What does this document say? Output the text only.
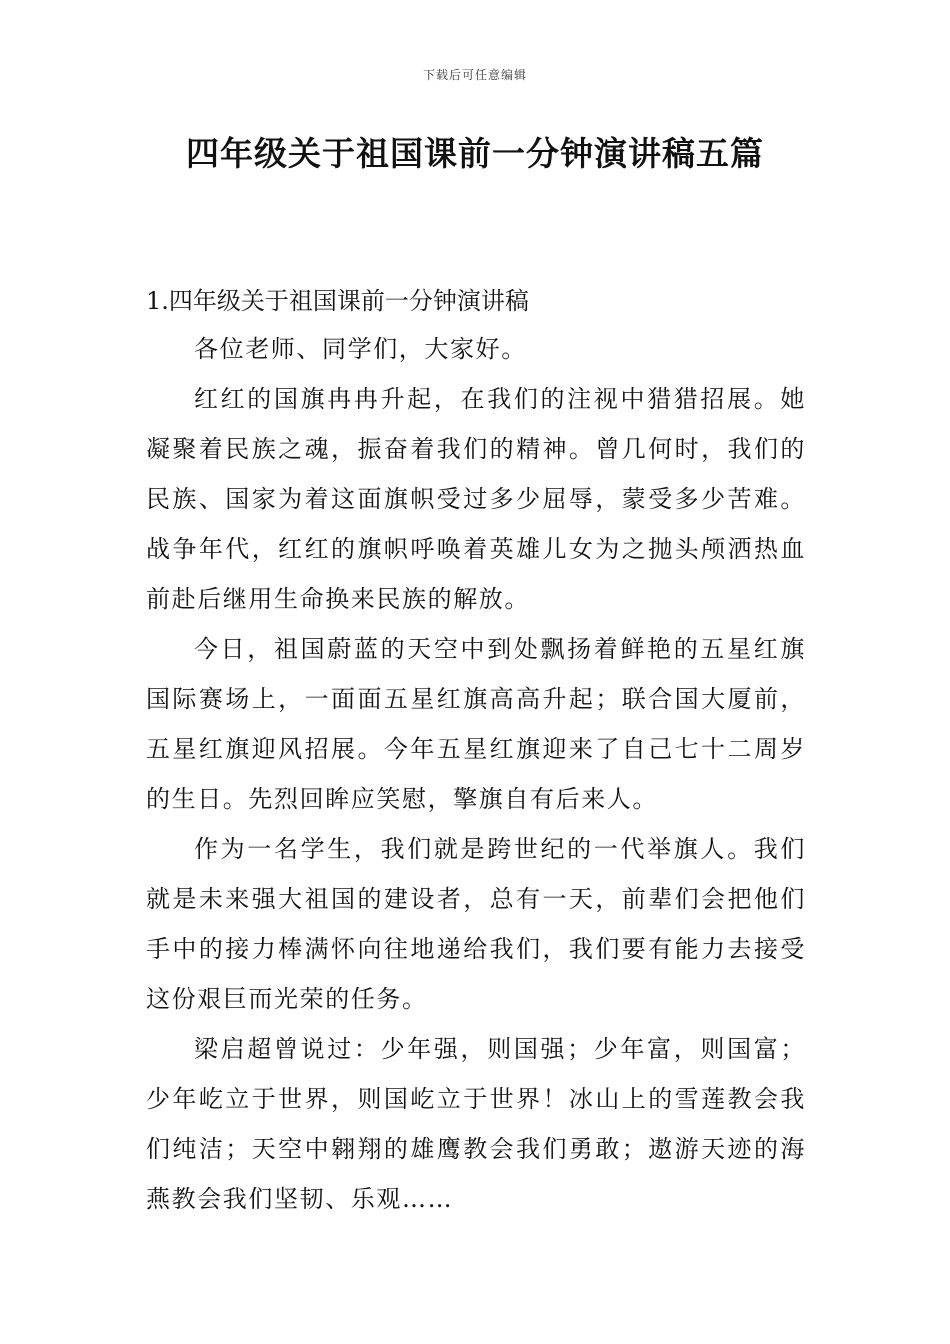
下载后可任意编辑
四年级关于祖国课前一分钟演讲稿五篇
1.四年级关于祖国课前一分钟演讲稿

各位老师、同学们，大家好。

红红的国旗冉冉升起，在我们的注视中猎猎招展。她凝聚着民族之魂，振奋着我们的精神。曾几何时，我们的民族、国家为着这面旗帜受过多少屈辱，蒙受多少苦难。战争年代，红红的旗帜呼唤着英雄儿女为之抛头颅洒热血前赴后继用生命换来民族的解放。

今日，祖国蔚蓝的天空中到处飘扬着鲜艳的五星红旗国际赛场上，一面面五星红旗高高升起；联合国大厦前，五星红旗迎风招展。今年五星红旗迎来了自己七十二周岁的生日。先烈回眸应笑慰，擎旗自有后来人。

作为一名学生，我们就是跨世纪的一代举旗人。我们就是未来强大祖国的建设者，总有一天，前辈们会把他们手中的接力棒满怀向往地递给我们，我们要有能力去接受这份艰巨而光荣的任务。

梁启超曾说过：少年强，则国强；少年富，则国富；少年屹立于世界，则国屹立于世界！冰山上的雪莲教会我们纯洁；天空中翱翔的雄鹰教会我们勇敢；遨游天迹的海燕教会我们坚韧、乐观……
